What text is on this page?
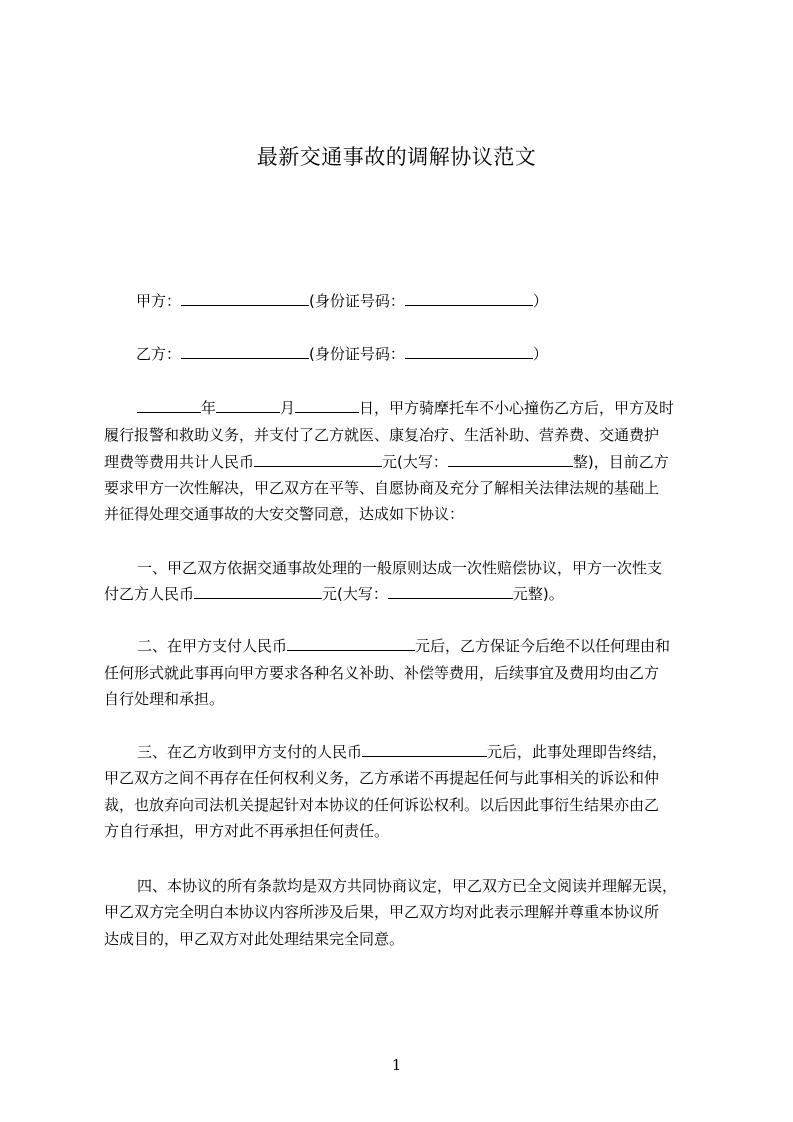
最新交通事故的调解协议范文
甲方：	(身份证号码：	）
乙方：	(身份证号码：	）
年	月	日，甲方骑摩托车不小心撞伤乙方后，甲方及时
履行报警和救助义务，并支付了乙方就医、康复冶疗、生活补助、营养费、交通费护
理费等费用共计人民币	元(大写：	整)，目前乙方
要求甲方一次性解决，甲乙双方在平等、自愿协商及充分了解相关法律法规的基础上
并征得处理交通事故的大安交警同意，达成如下协议：
一、甲乙双方依据交通事故处理的一般原则达成一次性赔偿协议，甲方一次性支
付乙方人民币	元(大写：	元整)。
二、在甲方支付人民币	元后，乙方保证今后绝不以任何理由和
任何形式就此事再向甲方要求各种名义补助、补偿等费用，后续事宜及费用均由乙方
自行处理和承担。
三、在乙方收到甲方支付的人民币	元后，此事处理即告终结，
甲乙双方之间不再存在任何权利义务，乙方承诺不再提起任何与此事相关的诉讼和仲
裁，也放弃向司法机关提起针对本协议的任何诉讼权利。以后因此事衍生结果亦由乙
方自行承担，甲方对此不再承担任何责任。
四、本协议的所有条款均是双方共同协商议定，甲乙双方已全文阅读并理解无误，
甲乙双方完全明白本协议内容所涉及后果，甲乙双方均对此表示理解并尊重本协议所
达成目的，甲乙双方对此处理结果完全同意。
1
